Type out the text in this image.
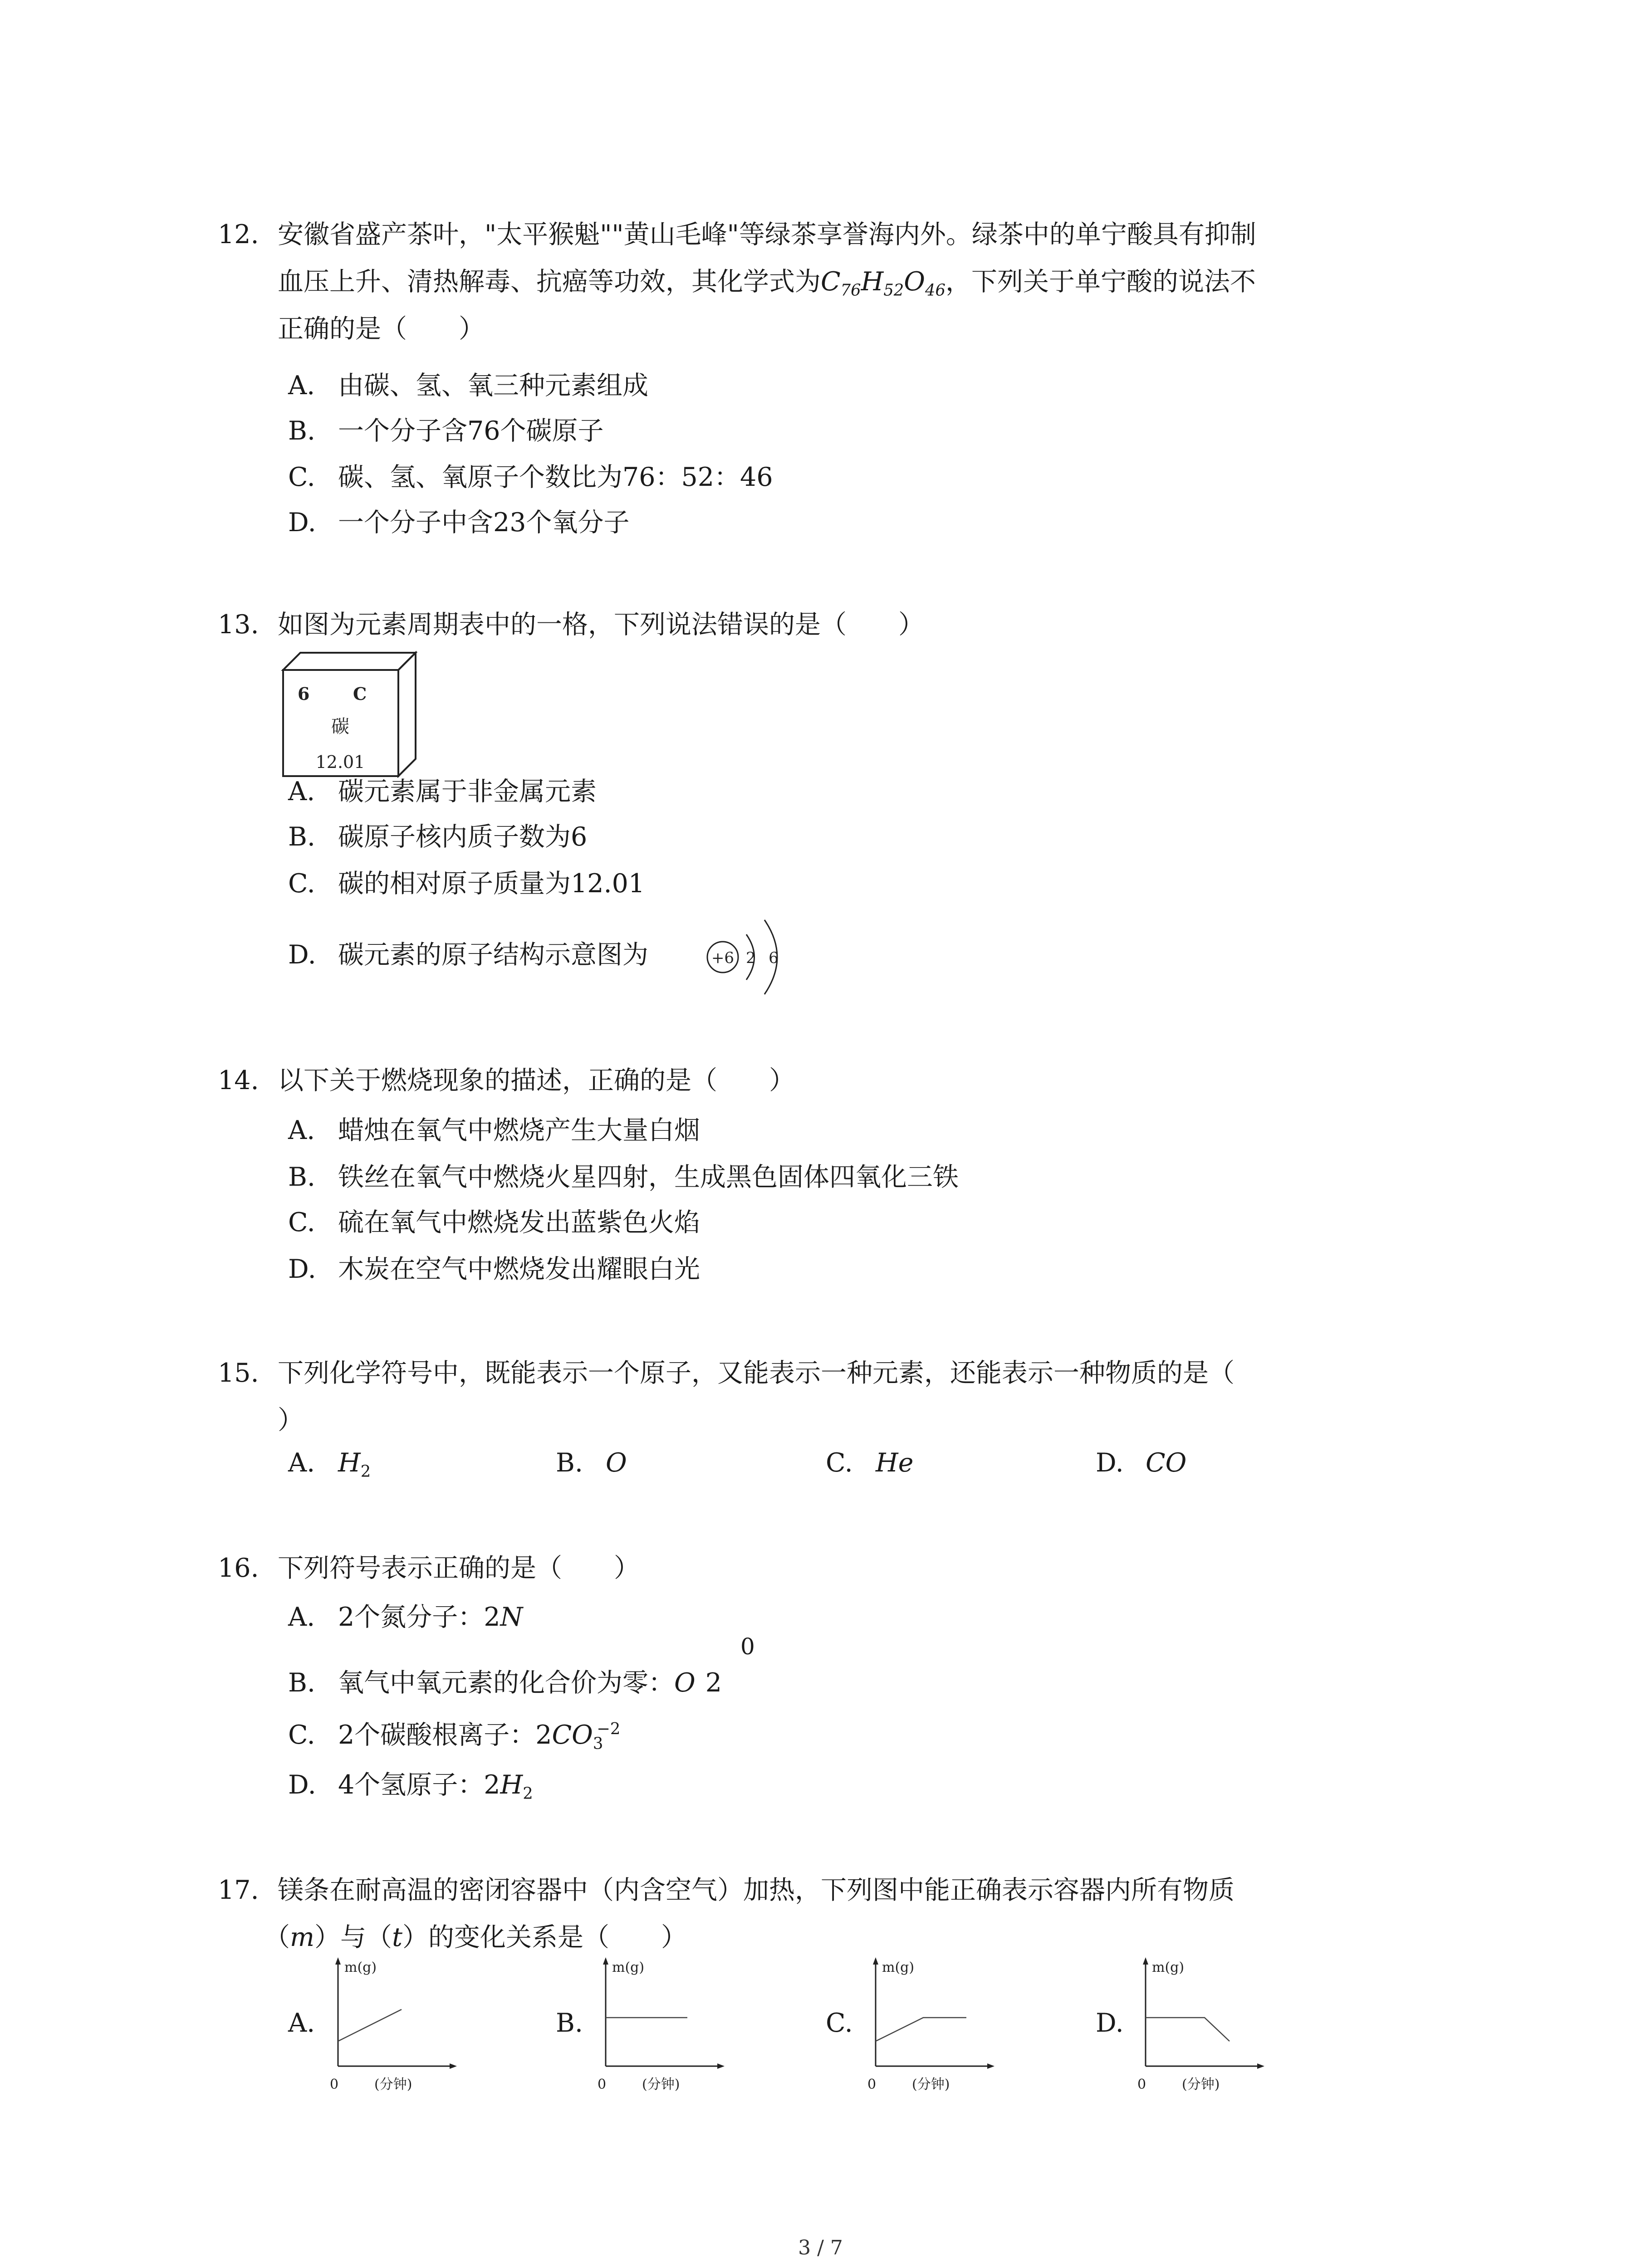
12. 安徽省盛产茶叶，"太平猴魁""黄山毛峰"等绿茶享誉海内外。绿茶中的单宁酸具有抑制
血压上升、清热解毒、抗癌等功效，其化学式为$C_{76}H_{52}O_{46}$，下列关于单宁酸的说法不
正确的是（　　）
A. 由碳、氢、氧三种元素组成
B. 一个分子含76个碳原子
C. 碳、氢、氧原子个数比为76：52：46
D. 一个分子中含23个氧分子
13. 如图为元素周期表中的一格，下列说法错误的是（　　）
6	C
碳
12.01
A. 碳元素属于非金属元素
B. 碳原子核内质子数为6
C. 碳的相对原子质量为12.01
D. 碳元素的原子结构示意图为	+6 2 6
14. 以下关于燃烧现象的描述，正确的是（　　）
A. 蜡烛在氧气中燃烧产生大量白烟
B. 铁丝在氧气中燃烧火星四射，生成黑色固体四氧化三铁
C. 硫在氧气中燃烧发出蓝紫色火焰
D. 木炭在空气中燃烧发出耀眼白光
15. 下列化学符号中，既能表示一个原子，又能表示一种元素，还能表示一种物质的是（
）
A. $H_2$	B. O	C. He	D. CO
16. 下列符号表示正确的是（　　）
A. 2个氮分子：2N
B. 氧气中氧元素的化合价为零：O 2
0
C. 2个碳酸根离子：$2CO_3^{-2}$
D. 4个氢原子：$2H_2$
17. 镁条在耐高温的密闭容器中（内含空气）加热，下列图中能正确表示容器内所有物质
（m）与（t）的变化关系是（　　）
A.	B.	C.	D.
m(g)
0	(分钟)
m(g)
0	(分钟)
m(g)
0	(分钟)
m(g)
0	(分钟)
3 / 7
